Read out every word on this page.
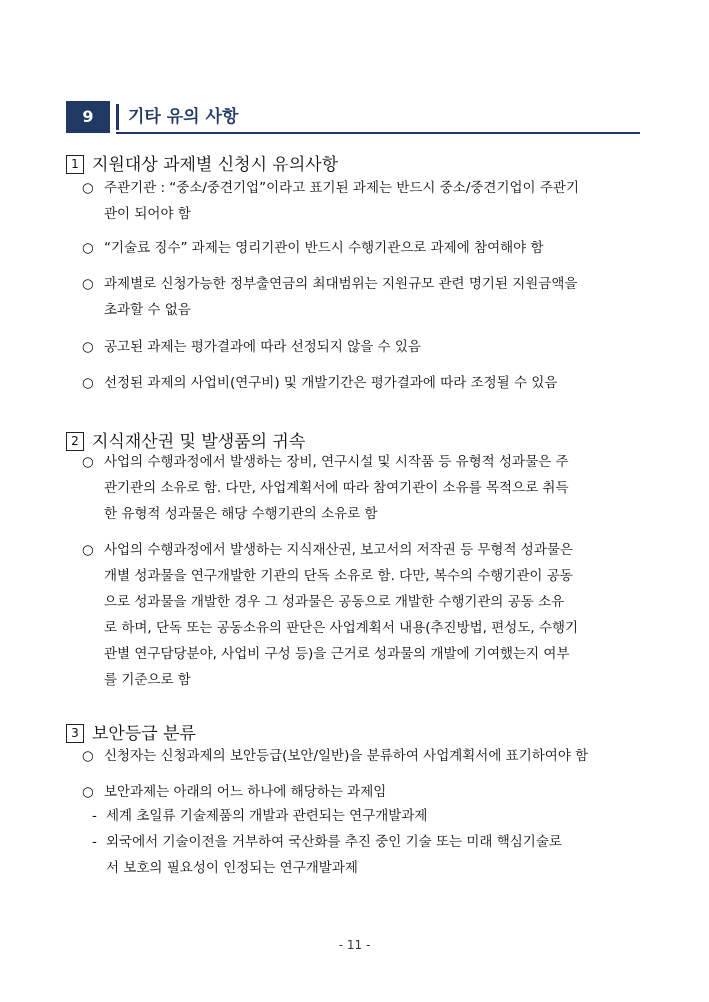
9	기타 유의 사항
1 지원대상 과제별 신청시 유의사항
○ 주관기관 : “중소/중견기업”이라고 표기된 과제는 반드시 중소/중견기업이 주관기
관이 되어야 함
○ “기술료 징수” 과제는 영리기관이 반드시 수행기관으로 과제에 참여해야 함
○ 과제별로 신청가능한 정부출연금의 최대범위는 지원규모 관련 명기된 지원금액을
초과할 수 없음
○ 공고된 과제는 평가결과에 따라 선정되지 않을 수 있음
○ 선정된 과제의 사업비(연구비) 및 개발기간은 평가결과에 따라 조정될 수 있음
2 지식재산권 및 발생품의 귀속
○ 사업의 수행과정에서 발생하는 장비, 연구시설 및 시작품 등 유형적 성과물은 주
관기관의 소유로 함. 다만, 사업계획서에 따라 참여기관이 소유를 목적으로 취득
한 유형적 성과물은 해당 수행기관의 소유로 함
○ 사업의 수행과정에서 발생하는 지식재산권, 보고서의 저작권 등 무형적 성과물은
개별 성과물을 연구개발한 기관의 단독 소유로 함. 다만, 복수의 수행기관이 공동
으로 성과물을 개발한 경우 그 성과물은 공동으로 개발한 수행기관의 공동 소유
로 하며, 단독 또는 공동소유의 판단은 사업계획서 내용(추진방법, 편성도, 수행기
관별 연구담당분야, 사업비 구성 등)을 근거로 성과물의 개발에 기여했는지 여부
를 기준으로 함
3 보안등급 분류
○ 신청자는 신청과제의 보안등급(보안/일반)을 분류하여 사업계획서에 표기하여야 함
○ 보안과제는 아래의 어느 하나에 해당하는 과제임
- 세계 초일류 기술제품의 개발과 관련되는 연구개발과제
- 외국에서 기술이전을 거부하여 국산화를 추진 중인 기술 또는 미래 핵심기술로
서 보호의 필요성이 인정되는 연구개발과제
- 11 -
